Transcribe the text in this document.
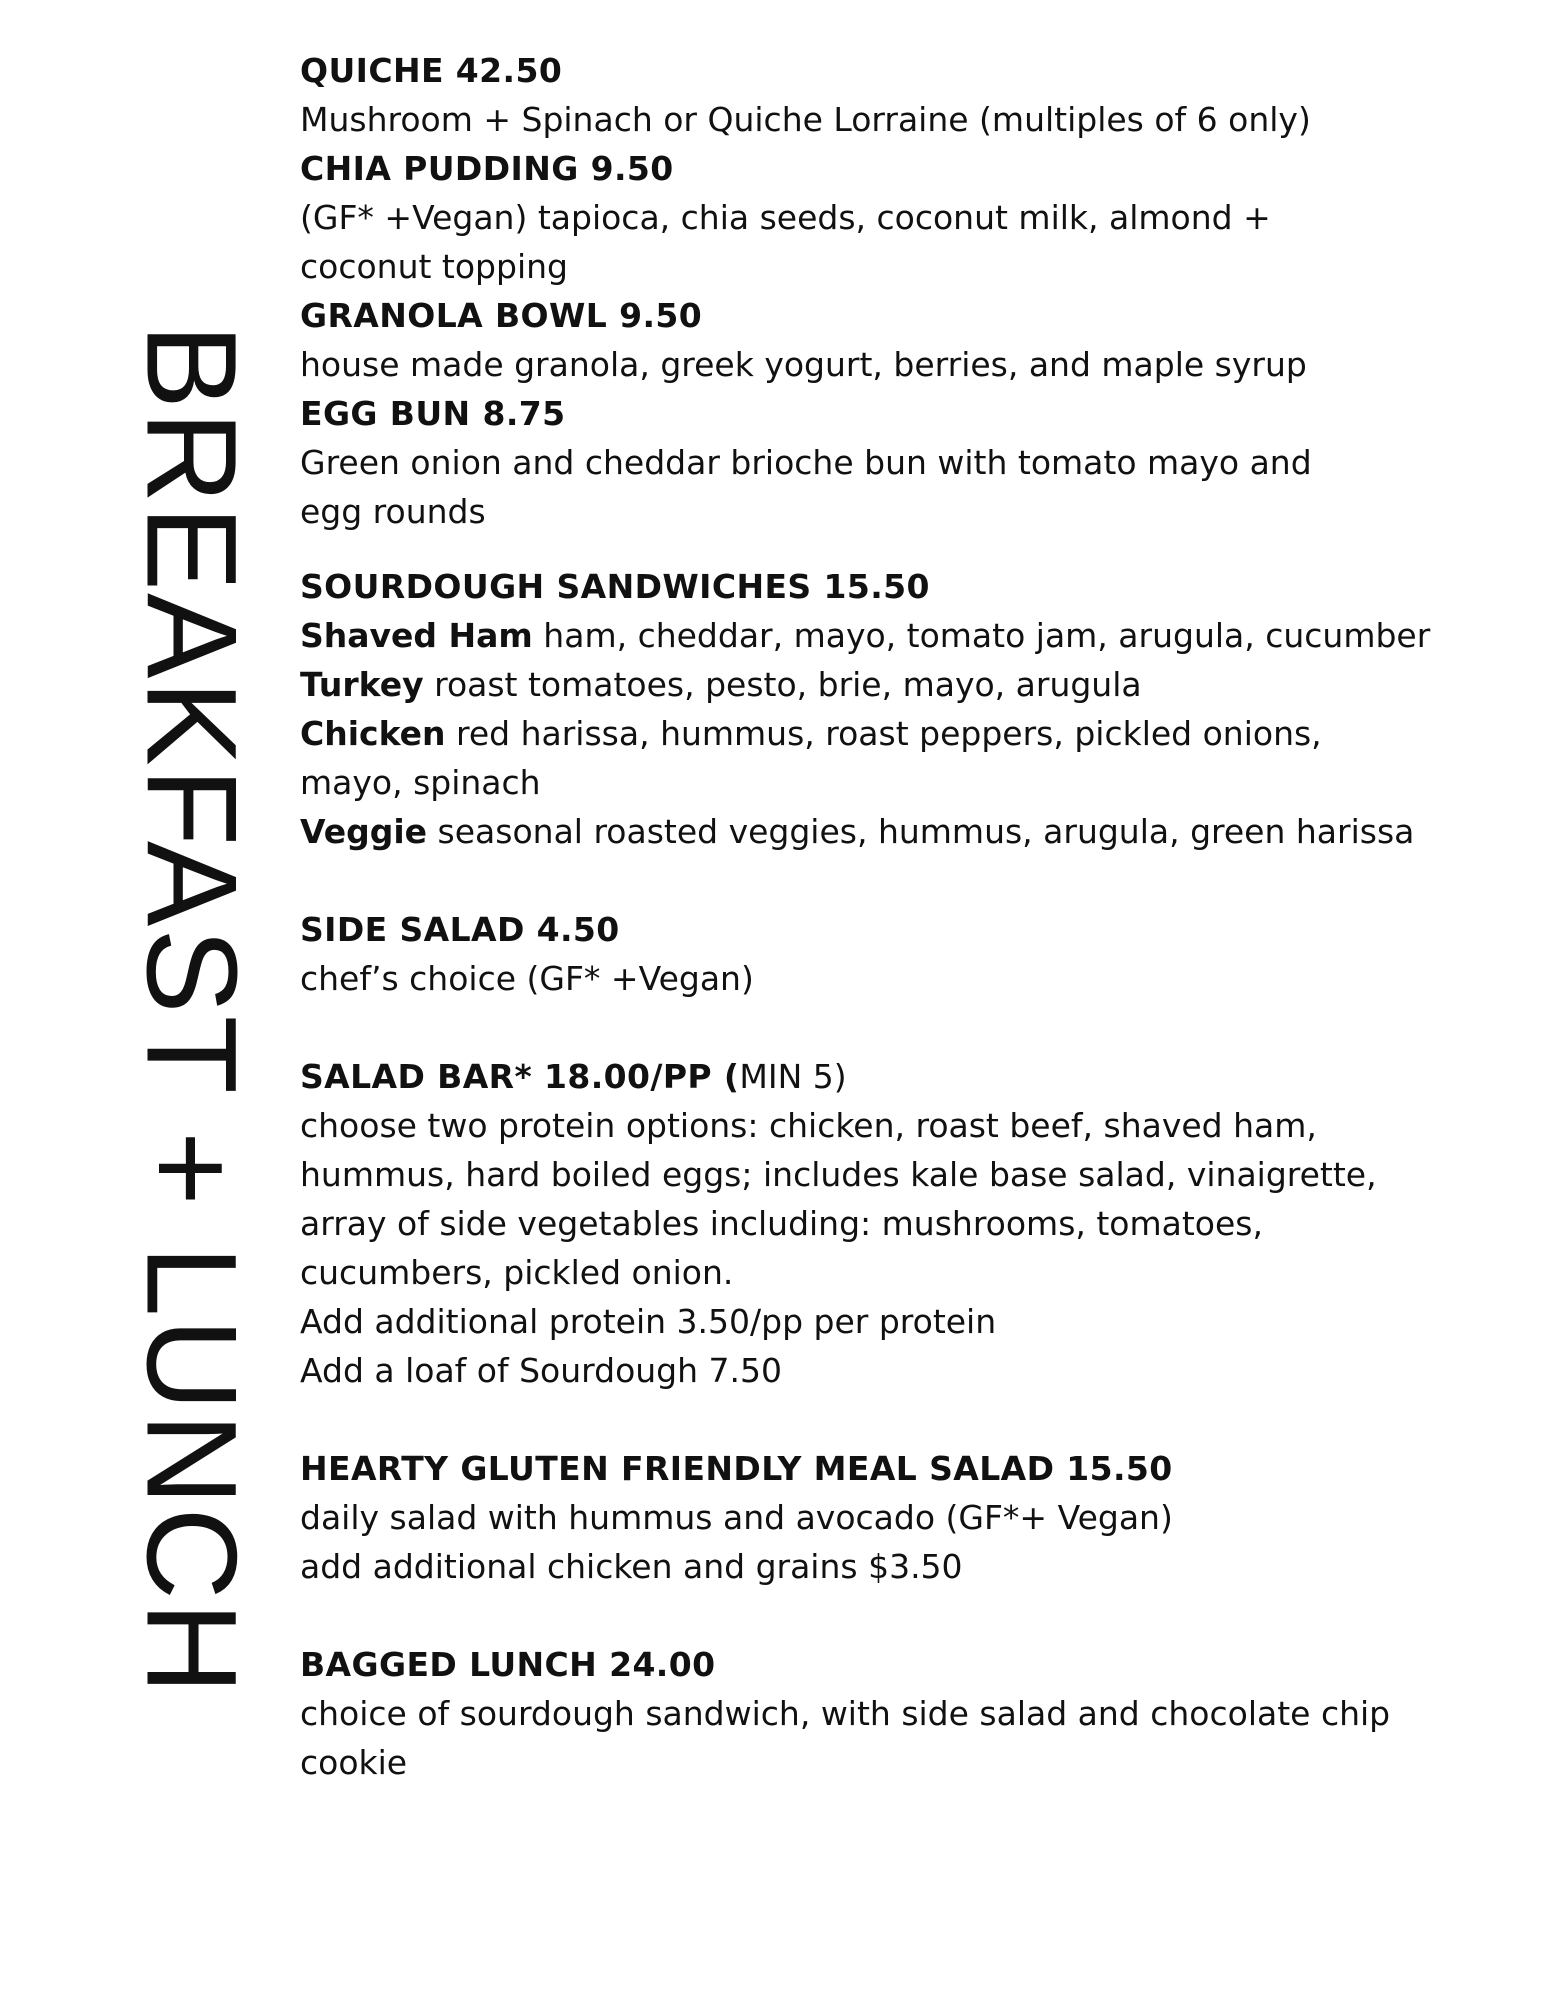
BREAKFAST + LUNCH
QUICHE 42.50
Mushroom + Spinach or Quiche Lorraine (multiples of 6 only)
CHIA PUDDING 9.50
(GF* +Vegan) tapioca, chia seeds, coconut milk, almond +
coconut topping
GRANOLA BOWL 9.50
house made granola, greek yogurt, berries, and maple syrup
EGG BUN 8.75
Green onion and cheddar brioche bun with tomato mayo and
egg rounds
SOURDOUGH SANDWICHES 15.50
Shaved Ham ham, cheddar, mayo, tomato jam, arugula, cucumber
Turkey roast tomatoes, pesto, brie, mayo, arugula
Chicken red harissa, hummus, roast peppers, pickled onions,
mayo, spinach
Veggie seasonal roasted veggies, hummus, arugula, green harissa
SIDE SALAD 4.50
chef’s choice (GF* +Vegan)
SALAD BAR* 18.00/PP (MIN 5)
choose two protein options: chicken, roast beef, shaved ham,
hummus, hard boiled eggs; includes kale base salad, vinaigrette,
array of side vegetables including: mushrooms, tomatoes,
cucumbers, pickled onion.
Add additional protein 3.50/pp per protein
Add a loaf of Sourdough 7.50
HEARTY GLUTEN FRIENDLY MEAL SALAD 15.50
daily salad with hummus and avocado (GF*+ Vegan)
add additional chicken and grains $3.50
BAGGED LUNCH 24.00
choice of sourdough sandwich, with side salad and chocolate chip
cookie
